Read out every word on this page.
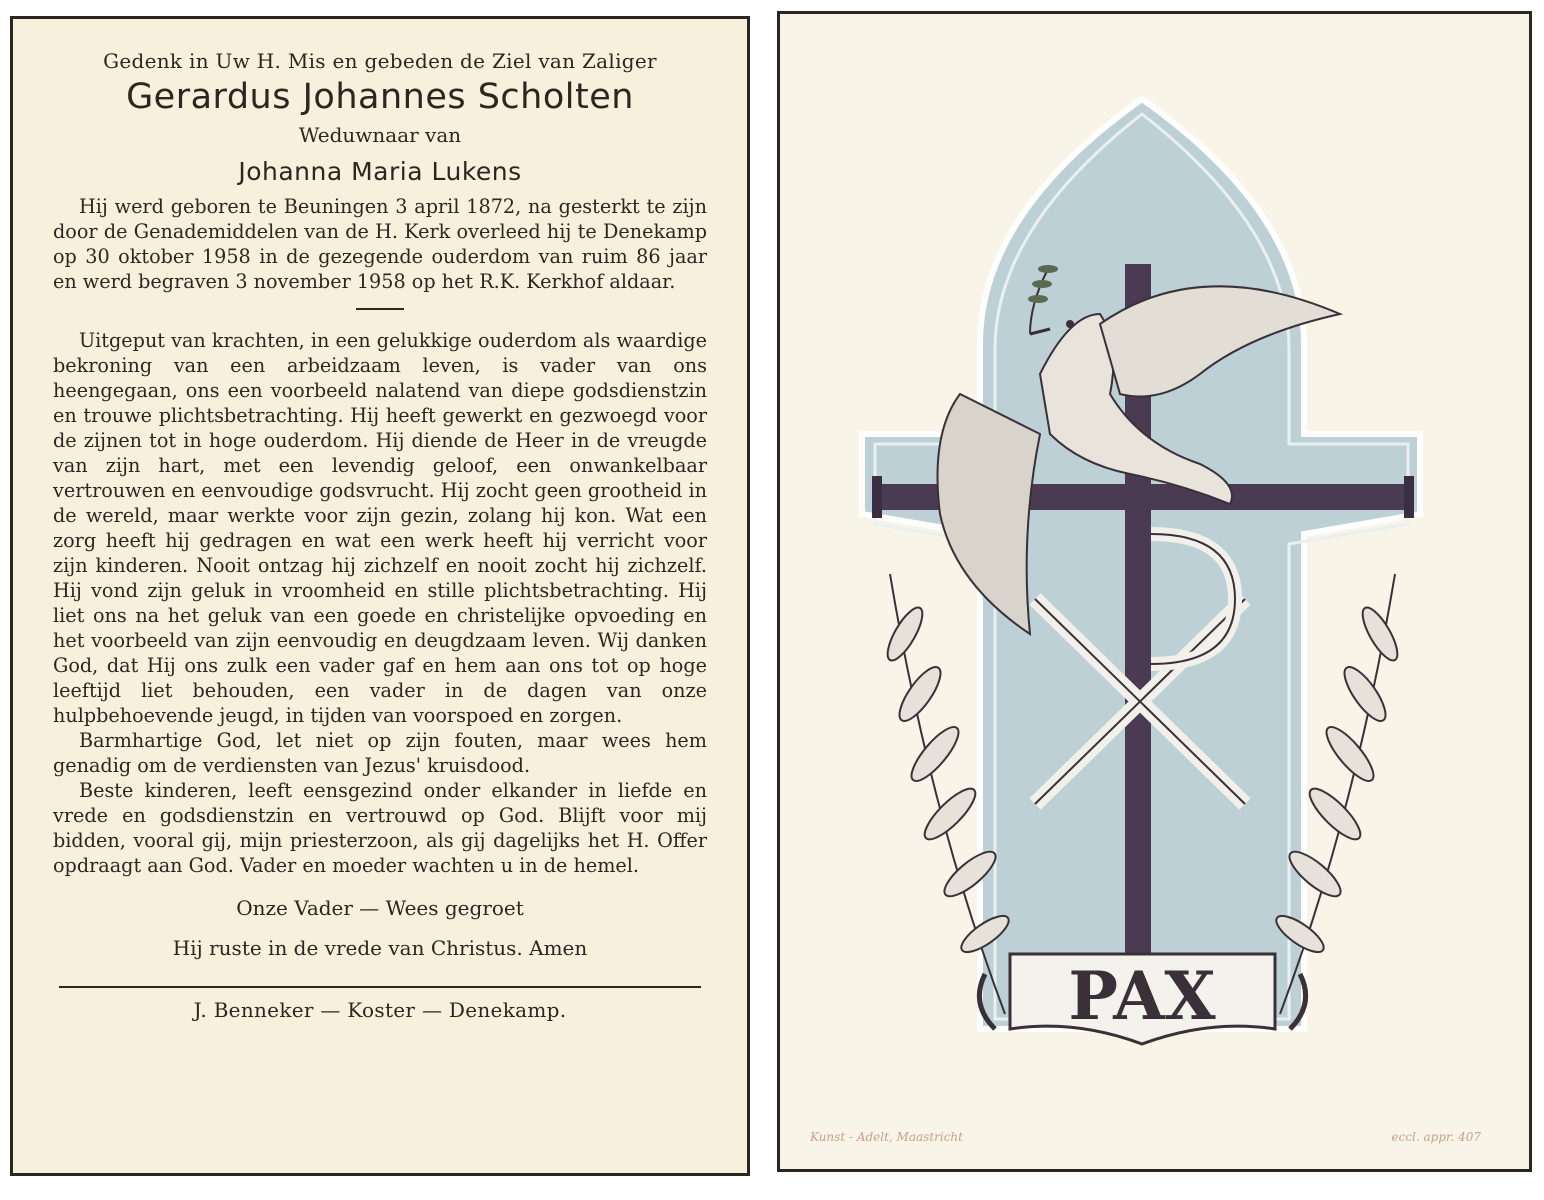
Gedenk in Uw H. Mis en gebeden de Ziel van Zaliger
Gerardus Johannes Scholten
Weduwnaar van
Johanna Maria Lukens
Hij werd geboren te Beuningen 3 april 1872, na gesterkt te zijn door de Genademiddelen van de H. Kerk overleed hij te Denekamp op 30 oktober 1958 in de gezegende ouderdom van ruim 86 jaar en werd begraven 3 november 1958 op het R.K. Kerkhof aldaar.
Uitgeput van krachten, in een gelukkige ouderdom als waardige bekroning van een arbeidzaam leven, is vader van ons heengegaan, ons een voorbeeld nalatend van diepe godsdienstzin en trouwe plichtsbetrachting. Hij heeft gewerkt en gezwoegd voor de zijnen tot in hoge ouderdom. Hij diende de Heer in de vreugde van zijn hart, met een levendig geloof, een onwankelbaar vertrouwen en eenvoudige godsvrucht. Hij zocht geen grootheid in de wereld, maar werkte voor zijn gezin, zolang hij kon. Wat een zorg heeft hij gedragen en wat een werk heeft hij verricht voor zijn kinderen. Nooit ontzag hij zichzelf en nooit zocht hij zichzelf. Hij vond zijn geluk in vroomheid en stille plichtsbetrachting. Hij liet ons na het geluk van een goede en christelijke opvoeding en het voorbeeld van zijn eenvoudig en deugdzaam leven. Wij danken God, dat Hij ons zulk een vader gaf en hem aan ons tot op hoge leeftijd liet behouden, een vader in de dagen van onze hulpbehoevende jeugd, in tijden van voorspoed en zorgen.
Barmhartige God, let niet op zijn fouten, maar wees hem genadig om de verdiensten van Jezus' kruisdood.
Beste kinderen, leeft eensgezind onder elkander in liefde en vrede en godsdienstzin en vertrouwd op God. Blijft voor mij bidden, vooral gij, mijn priesterzoon, als gij dagelijks het H. Offer opdraagt aan God. Vader en moeder wachten u in de hemel.
Onze Vader — Wees gegroet
Hij ruste in de vrede van Christus. Amen
J. Benneker — Koster — Denekamp.	PAX
Kunst - Adelt, Maastricht	eccl. appr. 407
